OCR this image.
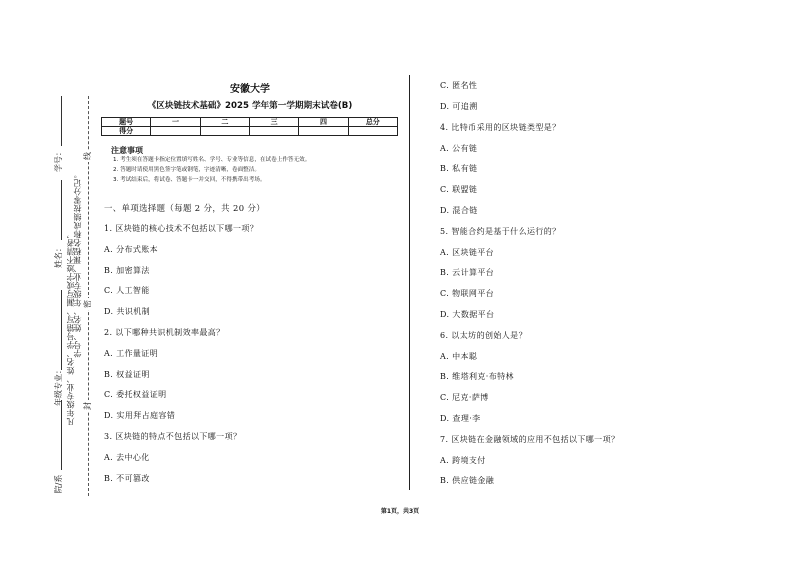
学号：
姓名：
年级专业：
院/系
封
密
线
学号、姓名、年级专业、课程名称
凡年级专业、姓名、学号错写、漏写或字迹不清者，
成绩按零分记。
安徽大学
《区块链技术基础》2025 学年第一学期期末试卷(B)
题号	一	二	三	四	总分
得分					
注意事项
1. 考生须在答题卡指定位置填写姓名、学号、专业等信息，在试卷上作答无效。
2. 答题时请使用黑色签字笔或钢笔，字迹清晰，卷面整洁。
3. 考试结束后，将试卷、答题卡一并交回，不得携带出考场。
一、单项选择题（每题 2 分，共 20 分）
1. 区块链的核心技术不包括以下哪一项？
A. 分布式账本
B. 加密算法
C. 人工智能
D. 共识机制
2. 以下哪种共识机制效率最高？
A. 工作量证明
B. 权益证明
C. 委托权益证明
D. 实用拜占庭容错
3. 区块链的特点不包括以下哪一项？
A. 去中心化
B. 不可篡改
C. 匿名性
D. 可追溯
4. 比特币采用的区块链类型是？
A. 公有链
B. 私有链
C. 联盟链
D. 混合链
5. 智能合约是基于什么运行的？
A. 区块链平台
B. 云计算平台
C. 物联网平台
D. 大数据平台
6. 以太坊的创始人是？
A. 中本聪
B. 维塔利克·布特林
C. 尼克·萨博
D. 查理·李
7. 区块链在金融领域的应用不包括以下哪一项？
A. 跨境支付
B. 供应链金融
第1页，共3页
